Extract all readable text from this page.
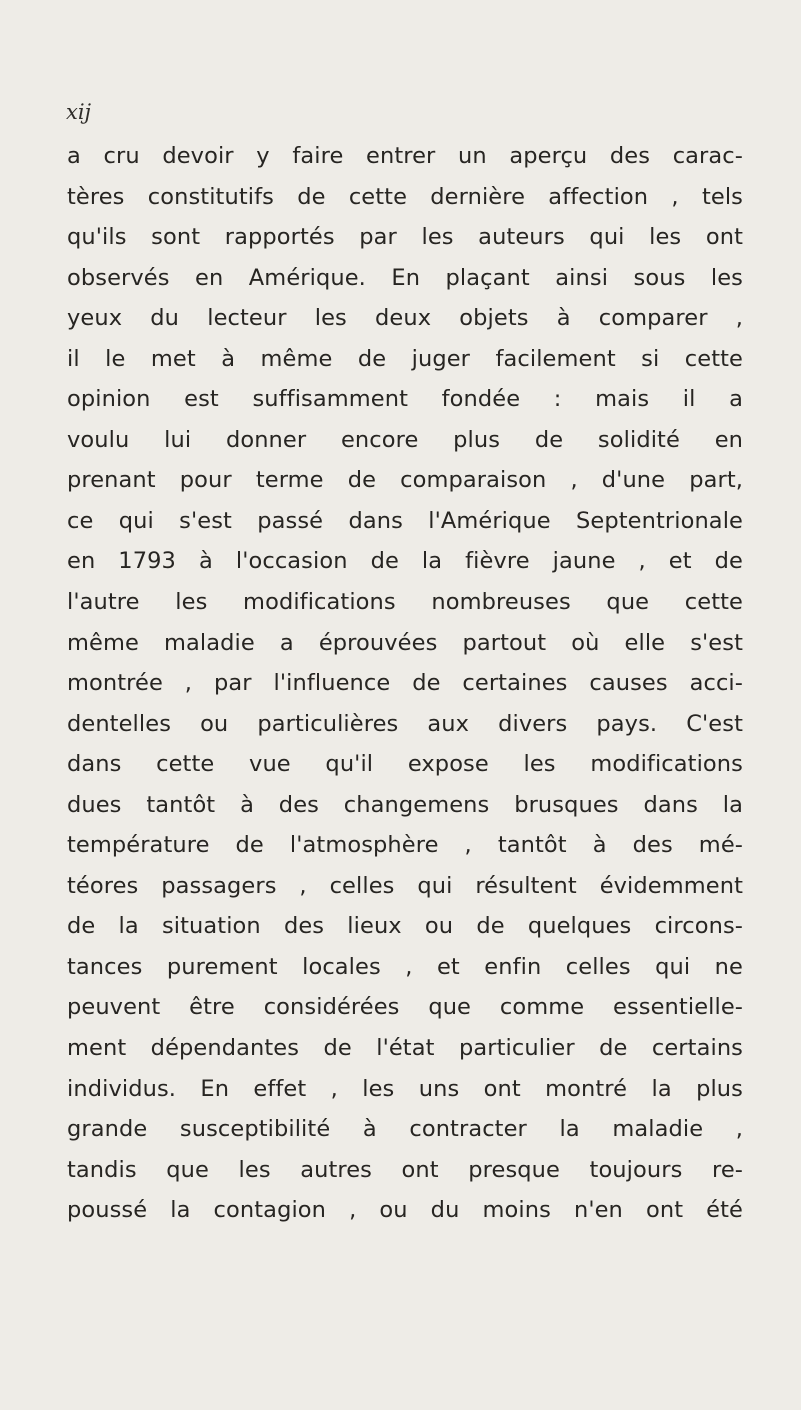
xij
a cru devoir y faire entrer un aperçu des carac-
tères constitutifs de cette dernière affection , tels
qu'ils sont rapportés par les auteurs qui les ont
observés en Amérique. En plaçant ainsi sous les
yeux du lecteur les deux objets à comparer ,
il le met à même de juger facilement si cette
opinion est suffisamment fondée : mais il a
voulu lui donner encore plus de solidité en
prenant pour terme de comparaison , d'une part,
ce qui s'est passé dans l'Amérique Septentrionale
en 1793 à l'occasion de la fièvre jaune , et de
l'autre les modifications nombreuses que cette
même maladie a éprouvées partout où elle s'est
montrée , par l'influence de certaines causes acci-
dentelles ou particulières aux divers pays. C'est
dans cette vue qu'il expose les modifications
dues tantôt à des changemens brusques dans la
température de l'atmosphère , tantôt à des mé-
téores passagers , celles qui résultent évidemment
de la situation des lieux ou de quelques circons-
tances purement locales , et enfin celles qui ne
peuvent être considérées que comme essentielle-
ment dépendantes de l'état particulier de certains
individus. En effet , les uns ont montré la plus
grande susceptibilité à contracter la maladie ,
tandis que les autres ont presque toujours re-
poussé la contagion , ou du moins n'en ont été
